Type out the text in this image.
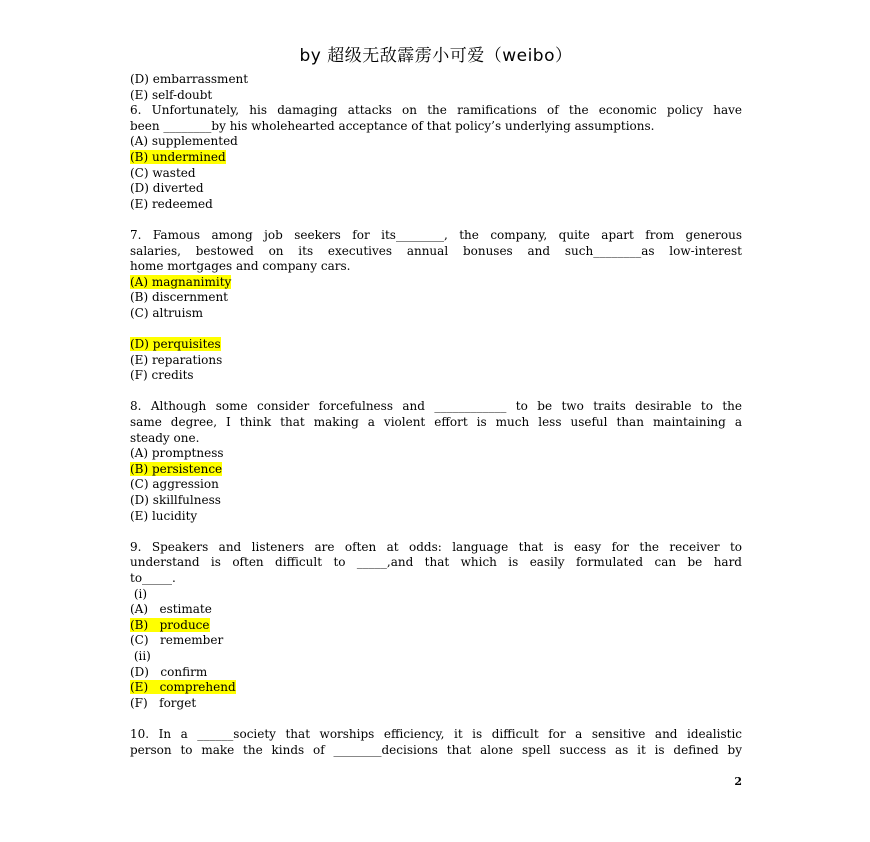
by 超级无敌霹雳小可爱（weibo）
(D) embarrassment
(E) self-doubt
6. Unfortunately, his damaging attacks on the ramifications of the economic policy have
been ________by his wholehearted acceptance of that policy’s underlying assumptions.
(A) supplemented
(B) undermined
(C) wasted
(D) diverted
(E) redeemed
7. Famous among job seekers for its________, the company, quite apart from generous
salaries, bestowed on its executives annual bonuses and such________as low-interest
home mortgages and company cars.
(A) magnanimity
(B) discernment
(C) altruism
(D) perquisites
(E) reparations
(F) credits
8. Although some consider forcefulness and ____________ to be two traits desirable to the
same degree, I think that making a violent effort is much less useful than maintaining a
steady one.
(A) promptness
(B) persistence
(C) aggression
(D) skillfulness
(E) lucidity
9. Speakers and listeners are often at odds: language that is easy for the receiver to
understand is often difficult to _____,and that which is easily formulated can be hard
to_____.
(i)
(A)   estimate
(B)   produce
(C)   remember
(ii)
(D)   confirm
(E)   comprehend
(F)   forget
10. In a ______society that worships efficiency, it is difficult for a sensitive and idealistic
person to make the kinds of ________decisions that alone spell success as it is defined by
2
